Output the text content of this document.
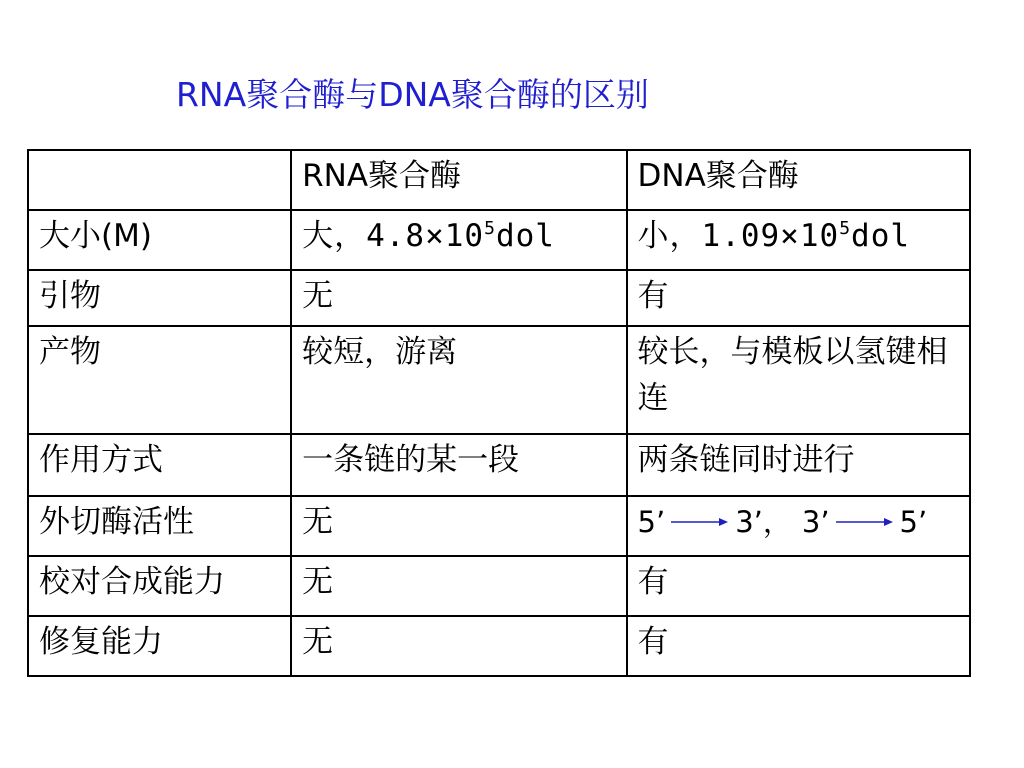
RNA聚合酶与DNA聚合酶的区别
	RNA聚合酶	DNA聚合酶
大小(M)	大，$4.8\times 10^5dol$	小，$1.09\times 10^5dol$
引物	无	有
产物	较短，游离	较长，与模板以氢键相连
作用方式	一条链的某一段	两条链同时进行
外切酶活性	无	5’ 3’， 3’ 5’

校对合成能力	无	有
修复能力	无	有
